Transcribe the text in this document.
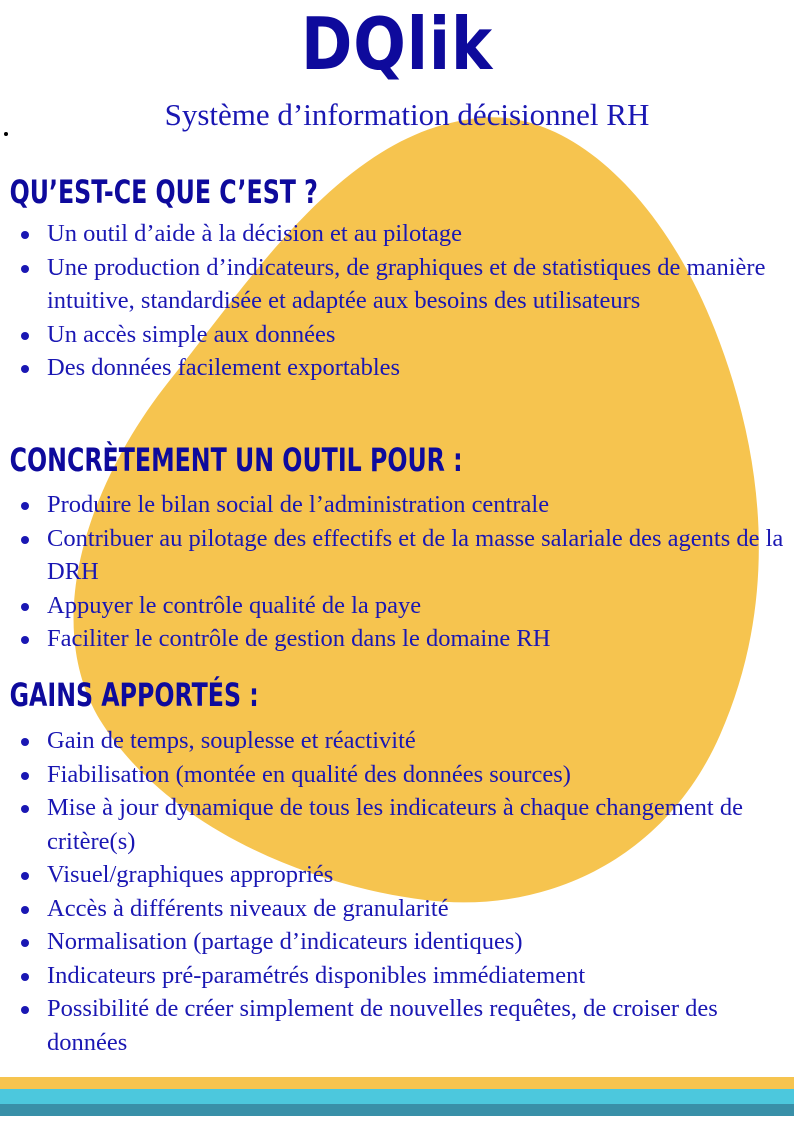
DQlik
Système d’information décisionnel RH
QU’EST-CE QUE C’EST ?
Un outil d’aide à la décision et au pilotage
Une production d’indicateurs, de graphiques et de statistiques de manière intuitive, standardisée et adaptée aux besoins des utilisateurs
Un accès simple aux données
Des données facilement exportables
CONCRÈTEMENT UN OUTIL POUR :
Produire le bilan social de l’administration centrale
Contribuer au pilotage des effectifs et de la masse salariale des agents de la DRH
Appuyer le contrôle qualité de la paye
Faciliter le contrôle de gestion dans le domaine RH
GAINS APPORTÉS :
Gain de temps, souplesse et réactivité
Fiabilisation (montée en qualité des données sources)
Mise à jour dynamique de tous les indicateurs à chaque changement de critère(s)
Visuel/graphiques appropriés
Accès à différents niveaux de granularité
Normalisation (partage d’indicateurs identiques)
Indicateurs pré-paramétrés disponibles immédiatement
Possibilité de créer simplement de nouvelles requêtes, de croiser des données
